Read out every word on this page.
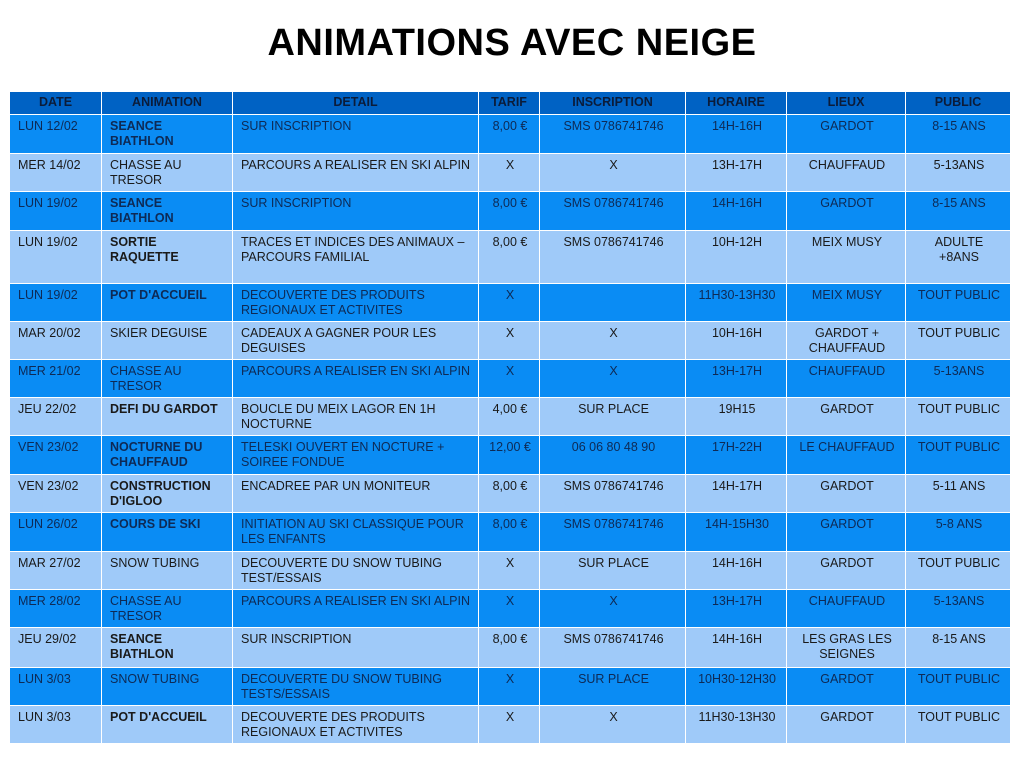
ANIMATIONS AVEC NEIGE
DATE	ANIMATION	DETAIL	TARIF	INSCRIPTION	HORAIRE	LIEUX	PUBLIC
LUN 12/02	SEANCE BIATHLON	SUR INSCRIPTION	8,00 €	SMS 0786741746	14H-16H	GARDOT	8-15 ANS
MER 14/02	CHASSE AU TRESOR	PARCOURS A REALISER EN SKI ALPIN	X	X	13H-17H	CHAUFFAUD	5-13ANS
LUN 19/02	SEANCE BIATHLON	SUR INSCRIPTION	8,00 €	SMS 0786741746	14H-16H	GARDOT	8-15 ANS
LUN 19/02	SORTIE RAQUETTE	TRACES ET INDICES DES ANIMAUX – PARCOURS FAMILIAL	8,00 €	SMS 0786741746	10H-12H	MEIX MUSY	ADULTE +8ANS
LUN 19/02	POT D'ACCUEIL	DECOUVERTE DES PRODUITS REGIONAUX ET ACTIVITES	X		11H30-13H30	MEIX MUSY	TOUT PUBLIC
MAR 20/02	SKIER DEGUISE	CADEAUX A GAGNER POUR LES DEGUISES	X	X	10H-16H	GARDOT + CHAUFFAUD	TOUT PUBLIC
MER 21/02	CHASSE AU TRESOR	PARCOURS A REALISER EN SKI ALPIN	X	X	13H-17H	CHAUFFAUD	5-13ANS
JEU 22/02	DEFI DU GARDOT	BOUCLE DU MEIX LAGOR EN 1H NOCTURNE	4,00 €	SUR PLACE	19H15	GARDOT	TOUT PUBLIC
VEN 23/02	NOCTURNE DU CHAUFFAUD	TELESKI OUVERT EN NOCTURE + SOIREE FONDUE	12,00 €	06 06 80 48 90	17H-22H	LE CHAUFFAUD	TOUT PUBLIC
VEN 23/02	CONSTRUCTION D'IGLOO	ENCADREE PAR UN MONITEUR	8,00 €	SMS 0786741746	14H-17H	GARDOT	5-11 ANS
LUN 26/02	COURS DE SKI	INITIATION AU SKI CLASSIQUE POUR LES ENFANTS	8,00 €	SMS 0786741746	14H-15H30	GARDOT	5-8 ANS
MAR 27/02	SNOW TUBING	DECOUVERTE DU SNOW TUBING TEST/ESSAIS	X	SUR PLACE	14H-16H	GARDOT	TOUT PUBLIC
MER 28/02	CHASSE AU TRESOR	PARCOURS A REALISER EN SKI ALPIN	X	X	13H-17H	CHAUFFAUD	5-13ANS
JEU 29/02	SEANCE BIATHLON	SUR INSCRIPTION	8,00 €	SMS 0786741746	14H-16H	LES GRAS LES SEIGNES	8-15 ANS
LUN 3/03	SNOW TUBING	DECOUVERTE DU SNOW TUBING TESTS/ESSAIS	X	SUR PLACE	10H30-12H30	GARDOT	TOUT PUBLIC
LUN 3/03	POT D'ACCUEIL	DECOUVERTE DES PRODUITS REGIONAUX ET ACTIVITES	X	X	11H30-13H30	GARDOT	TOUT PUBLIC
